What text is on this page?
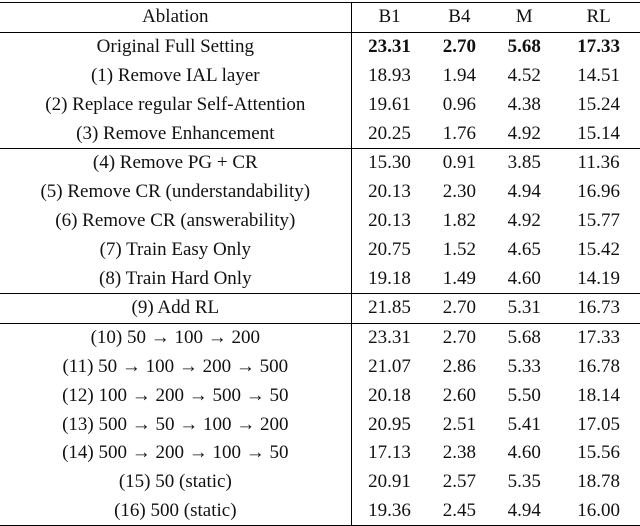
Ablation	B1	B4	M	RL
Original Full Setting	23.31	2.70	5.68	17.33
(1) Remove IAL layer	18.93	1.94	4.52	14.51
(2) Replace regular Self-Attention	19.61	0.96	4.38	15.24
(3) Remove Enhancement	20.25	1.76	4.92	15.14
(4) Remove PG + CR	15.30	0.91	3.85	11.36
(5) Remove CR (understandability)	20.13	2.30	4.94	16.96
(6) Remove CR (answerability)	20.13	1.82	4.92	15.77
(7) Train Easy Only	20.75	1.52	4.65	15.42
(8) Train Hard Only	19.18	1.49	4.60	14.19
(9) Add RL	21.85	2.70	5.31	16.73
(10) 50 → 100 → 200	23.31	2.70	5.68	17.33
(11) 50 → 100 → 200 → 500	21.07	2.86	5.33	16.78
(12) 100 → 200 → 500 → 50	20.18	2.60	5.50	18.14
(13) 500 → 50 → 100 → 200	20.95	2.51	5.41	17.05
(14) 500 → 200 → 100 → 50	17.13	2.38	4.60	15.56
(15) 50 (static)	20.91	2.57	5.35	18.78
(16) 500 (static)	19.36	2.45	4.94	16.00
